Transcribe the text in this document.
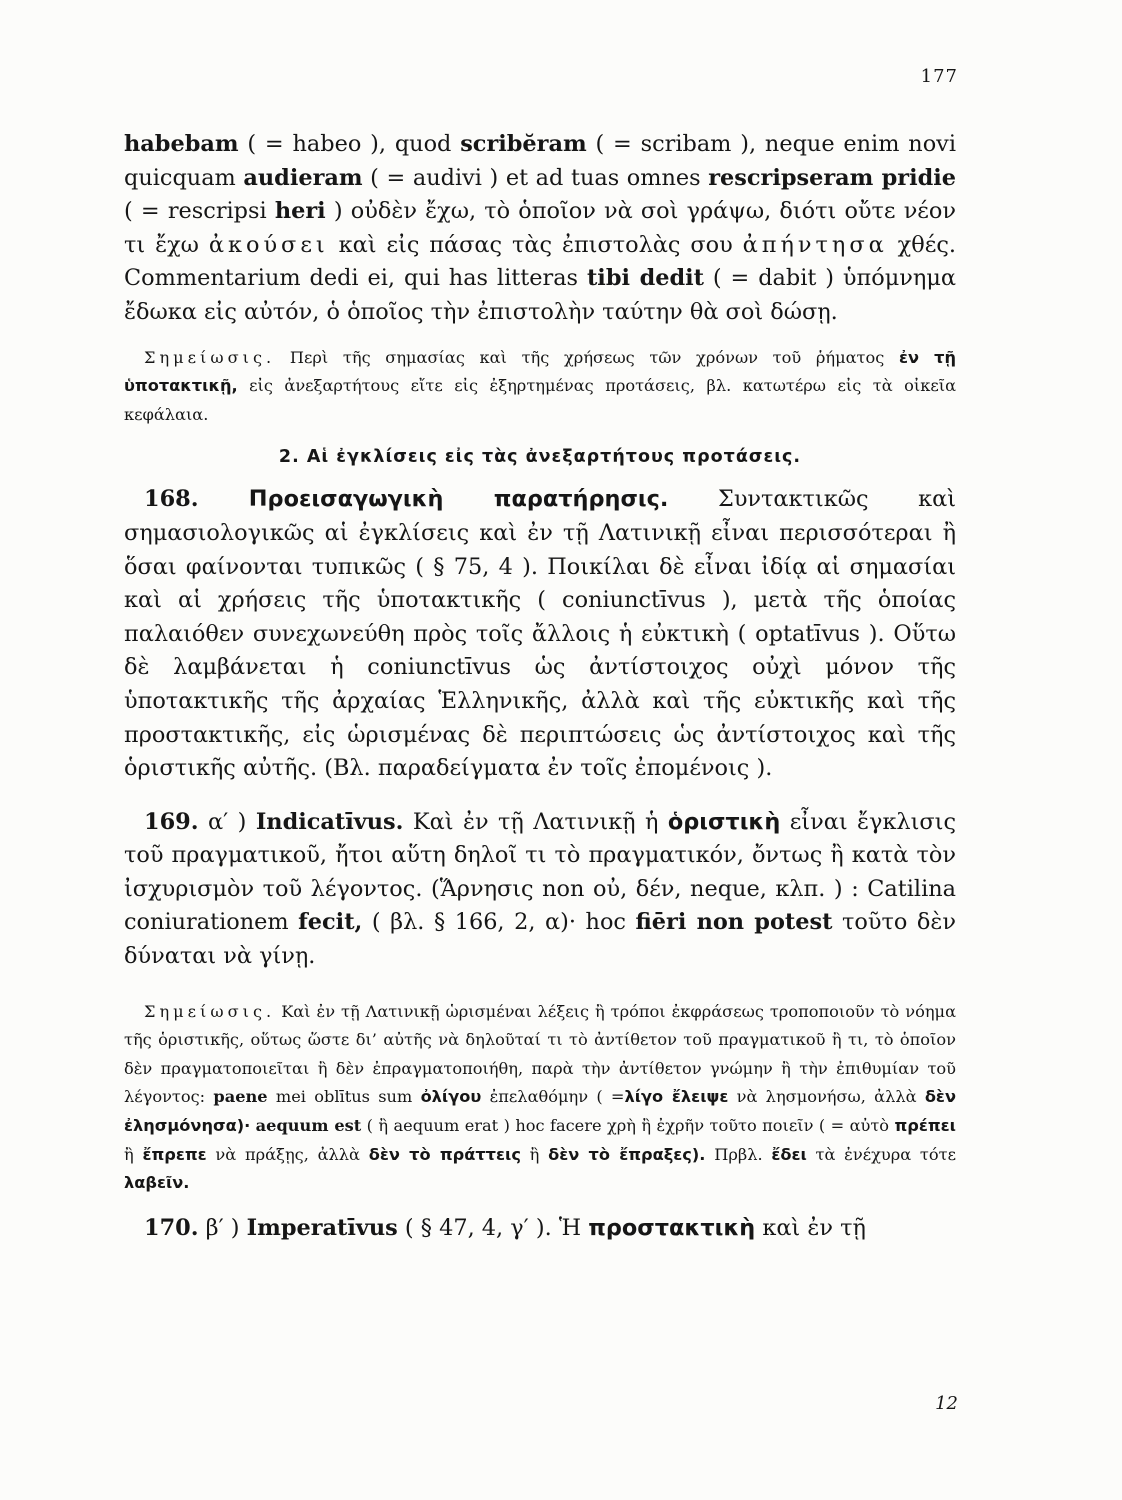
177

habebam ( = habeo ), quod scribĕram ( = scribam ), neque enim novi quicquam audieram ( = audivi ) et ad tuas omnes rescripseram pridie ( = rescripsi heri ) οὐδὲν ἔχω, τὸ ὁποῖον νὰ σοὶ γράψω, διότι οὔτε νέον τι ἔχω ἀκούσει καὶ εἰς πάσας τὰς ἐπιστολὰς σου ἀπήντησα χθές. Commentarium dedi ei, qui has litteras tibi dedit ( = dabit ) ὑπόμνημα ἔδωκα εἰς αὐτόν, ὁ ὁποῖος τὴν ἐπιστολὴν ταύτην θὰ σοὶ δώσῃ.

Σημείωσις. Περὶ τῆς σημασίας καὶ τῆς χρήσεως τῶν χρόνων τοῦ ῥήματος ἐν τῇ ὑποτακτικῇ, εἰς ἀνεξαρτήτους εἴτε εἰς ἐξηρτημένας προτάσεις, βλ. κατωτέρω εἰς τὰ οἰκεῖα κεφάλαια.

2. Αἱ ἐγκλίσεις εἰς τὰς ἀνεξαρτήτους προτάσεις.

168. Προεισαγωγικὴ παρατήρησις. Συντακτικῶς καὶ σημασιολογικῶς αἱ ἐγκλίσεις καὶ ἐν τῇ Λατινικῇ εἶναι περισσότεραι ἢ ὅσαι φαίνονται τυπικῶς ( § 75, 4 ). Ποικίλαι δὲ εἶναι ἰδίᾳ αἱ σημασίαι καὶ αἱ χρήσεις τῆς ὑποτακτικῆς ( coniunctīvus ), μετὰ τῆς ὁποίας παλαιόθεν συνεχωνεύθη πρὸς τοῖς ἄλλοις ἡ εὐκτικὴ ( optatīvus ). Οὕτω δὲ λαμβάνεται ἡ coniunctīvus ὡς ἀντίστοιχος οὐχὶ μόνον τῆς ὑποτακτικῆς τῆς ἀρχαίας Ἑλληνικῆς, ἀλλὰ καὶ τῆς εὐκτικῆς καὶ τῆς προστακτικῆς, εἰς ὡρισμένας δὲ περιπτώσεις ὡς ἀντίστοιχος καὶ τῆς ὁριστικῆς αὐτῆς. (Βλ. παραδείγματα ἐν τοῖς ἐπομένοις ).

169. α′ ) Indicatīvus. Καὶ ἐν τῇ Λατινικῇ ἡ ὁριστικὴ εἶναι ἔγκλισις τοῦ πραγματικοῦ, ἤτοι αὕτη δηλοῖ τι τὸ πραγματικόν, ὄντως ἢ κατὰ τὸν ἰσχυρισμὸν τοῦ λέγοντος. (Ἅρνησις non οὐ, δέν, neque, κλπ. ) : Catilina coniurationem fecit, ( βλ. § 166, 2, α)· hoc fiēri non potest τοῦτο δὲν δύναται νὰ γίνῃ.

Σημείωσις. Καὶ ἐν τῇ Λατινικῇ ὡρισμέναι λέξεις ἢ τρόποι ἐκφράσεως τροποποιοῦν τὸ νόημα τῆς ὁριστικῆς, οὕτως ὥστε δι’ αὐτῆς νὰ δηλοῦταί τι τὸ ἀντίθετον τοῦ πραγματικοῦ ἢ τι, τὸ ὁποῖον δὲν πραγματοποιεῖται ἢ δὲν ἐπραγματοποιήθη, παρὰ τὴν ἀντίθετον γνώμην ἢ τὴν ἐπιθυμίαν τοῦ λέγοντος: paene mei oblītus sum ὀλίγου ἐπελαθόμην ( =λίγο ἔλειψε νὰ λησμονήσω, ἀλλὰ δὲν ἐλησμόνησα)· aequum est ( ἢ aequum erat ) hoc facere χρὴ ἢ ἐχρῆν τοῦτο ποιεῖν ( = αὐτὸ πρέπει ἢ ἔπρεπε νὰ πράξῃς, ἀλλὰ δὲν τὸ πράττεις ἢ δὲν τὸ ἔπραξες). Πρβλ. ἔδει τὰ ἐνέχυρα τότε λαβεῖν.

170. β′ ) Imperatīvus ( § 47, 4, γ′ ). Ἡ προστακτικὴ καὶ ἐν τῇ

12
